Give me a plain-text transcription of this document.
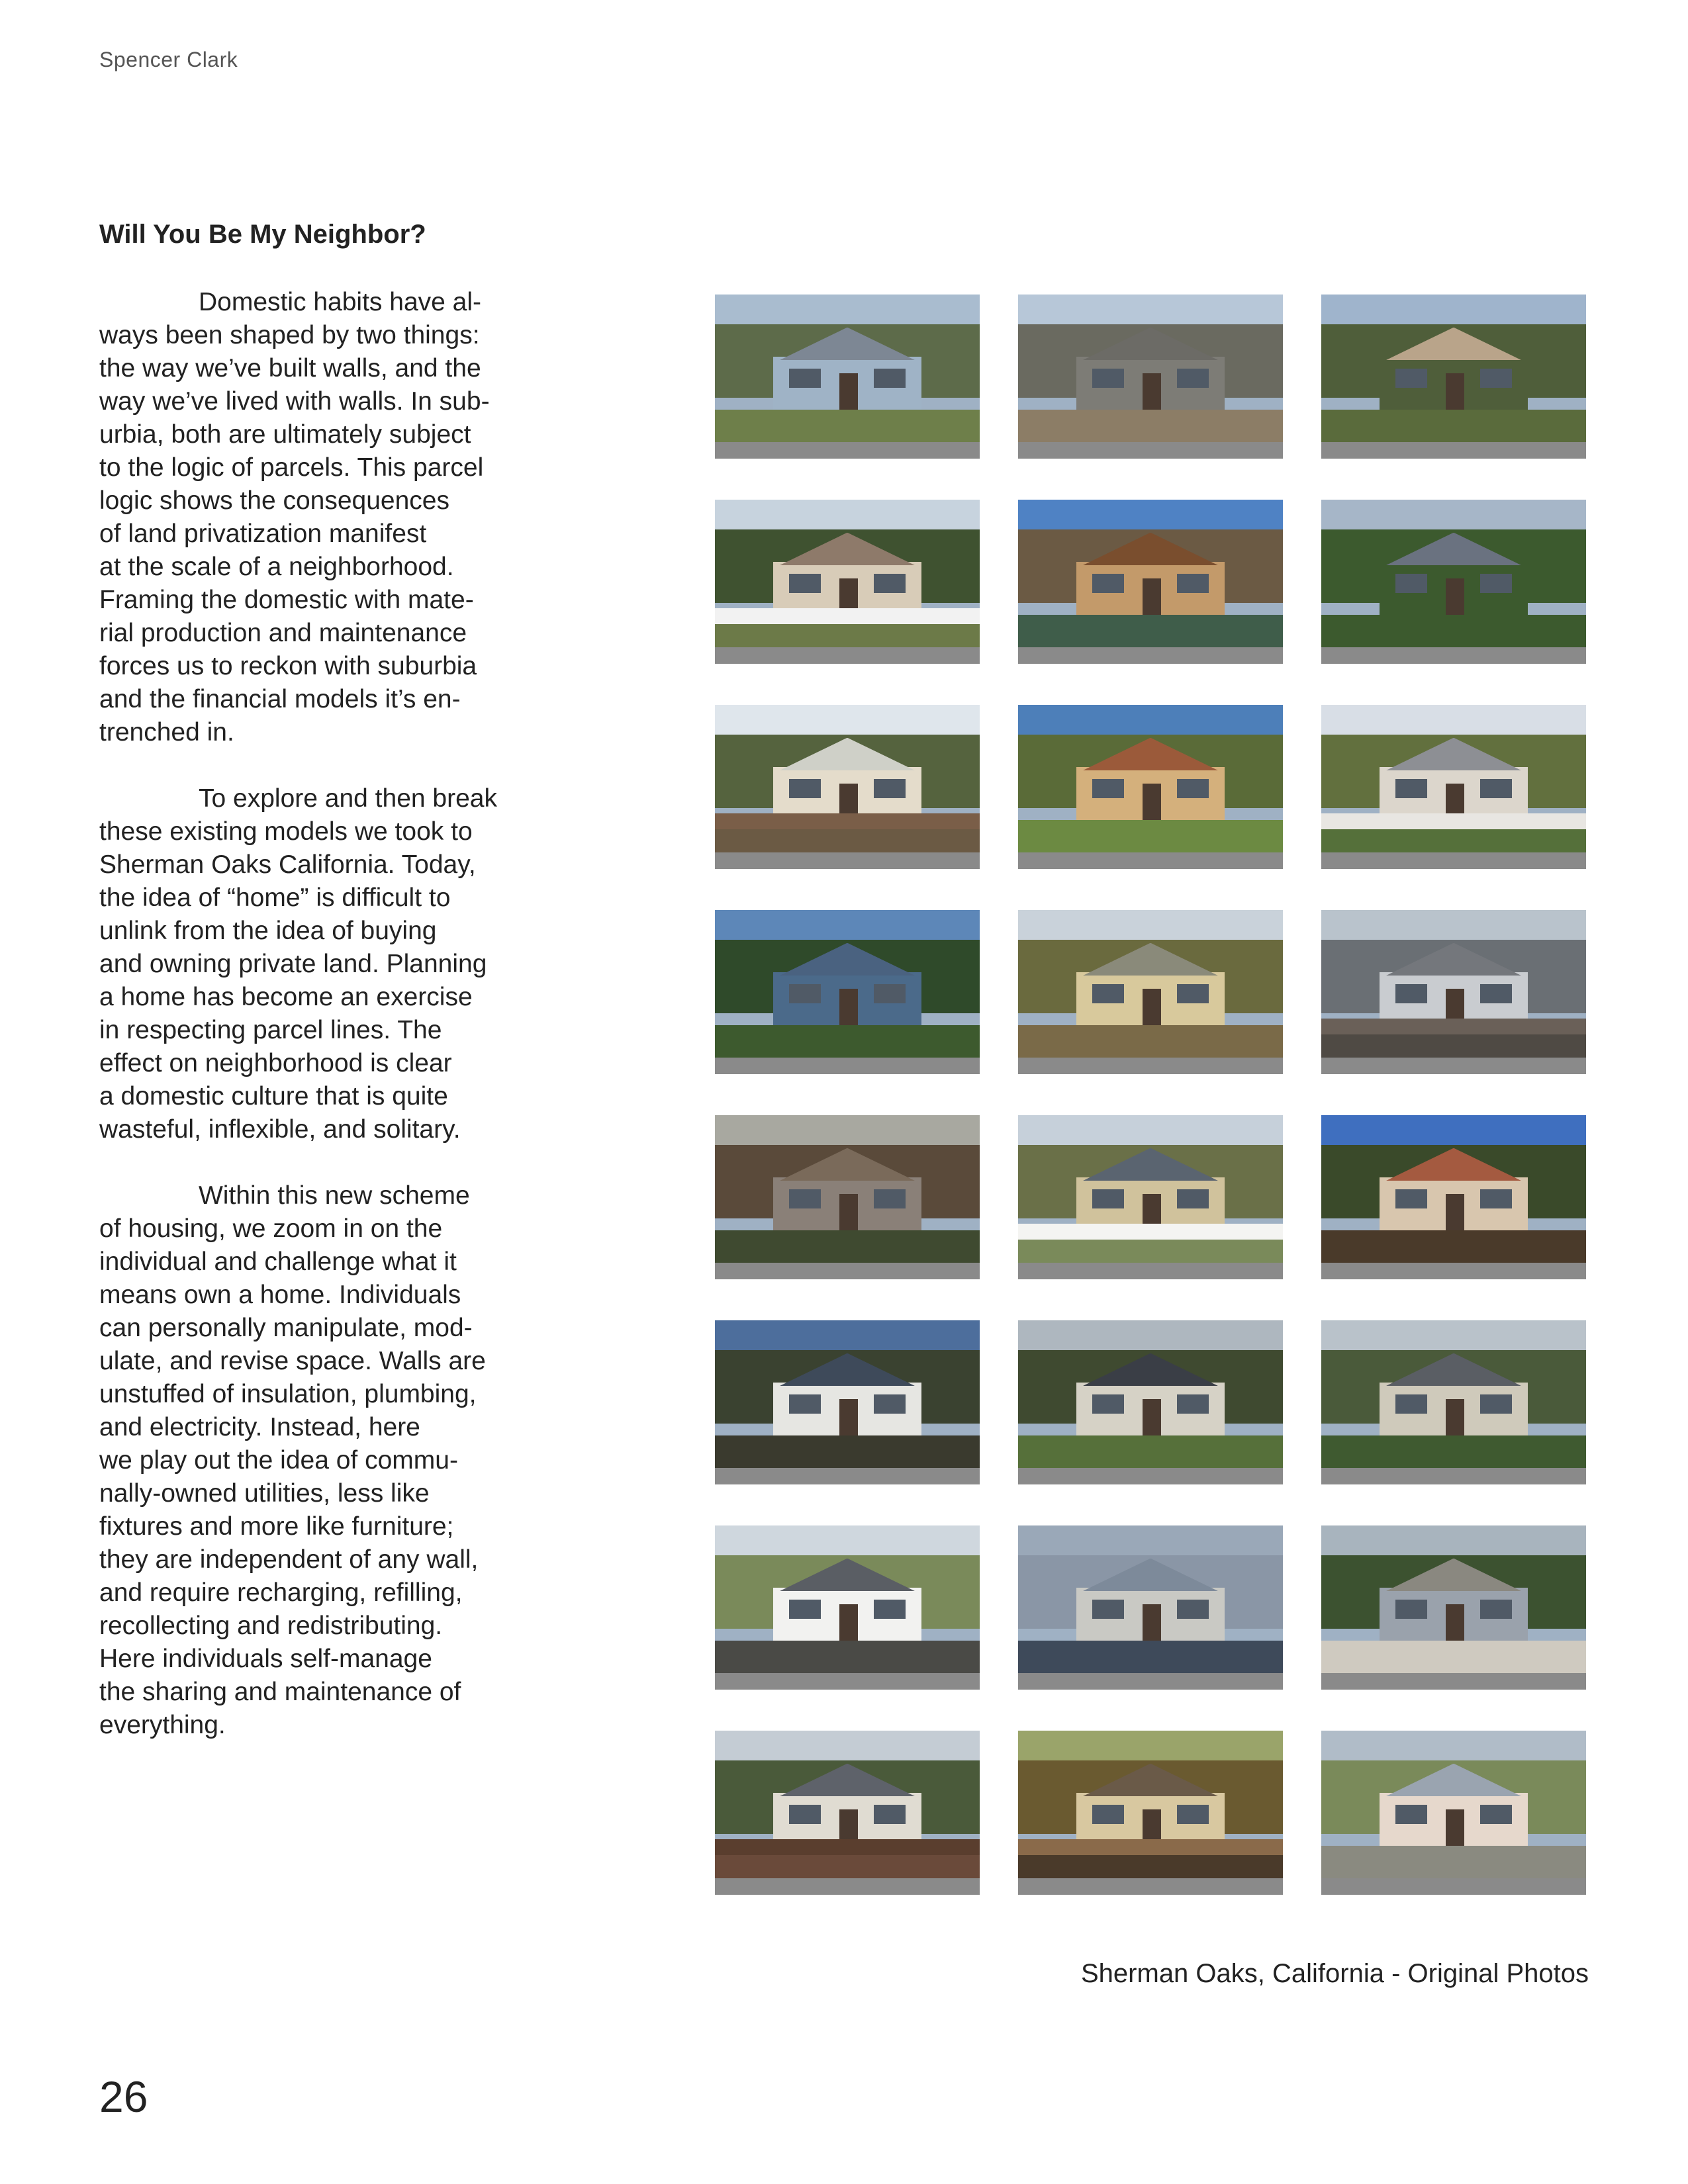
Spencer Clark
Will You Be My Neighbor?
Domestic habits have al-
ways been shaped by two things:
the way we’ve built walls, and the
way we’ve lived with walls. In sub-
urbia, both are ultimately subject
to the logic of parcels. This parcel
logic shows the consequences
of land privatization manifest
at the scale of a neighborhood.
Framing the domestic with mate-
rial production and maintenance
forces us to reckon with suburbia
and the financial models it’s en-
trenched in.
To explore and then break
these existing models we took to
Sherman Oaks California. Today,
the idea of “home” is difficult to
unlink from the idea of buying
and owning private land. Planning
a home has become an exercise
in respecting parcel lines. The
effect on neighborhood is clear
a domestic culture that is quite
wasteful, inflexible, and solitary.
Within this new scheme
of housing, we zoom in on the
individual and challenge what it
means own a home. Individuals
can personally manipulate, mod-
ulate, and revise space. Walls are
unstuffed of insulation, plumbing,
and electricity. Instead, here
we play out the idea of commu-
nally-owned utilities, less like
fixtures and more like furniture;
they are independent of any wall,
and require recharging, refilling,
recollecting and redistributing.
Here individuals self-manage
the sharing and maintenance of
everything.
Sherman Oaks, California - Original Photos
26
